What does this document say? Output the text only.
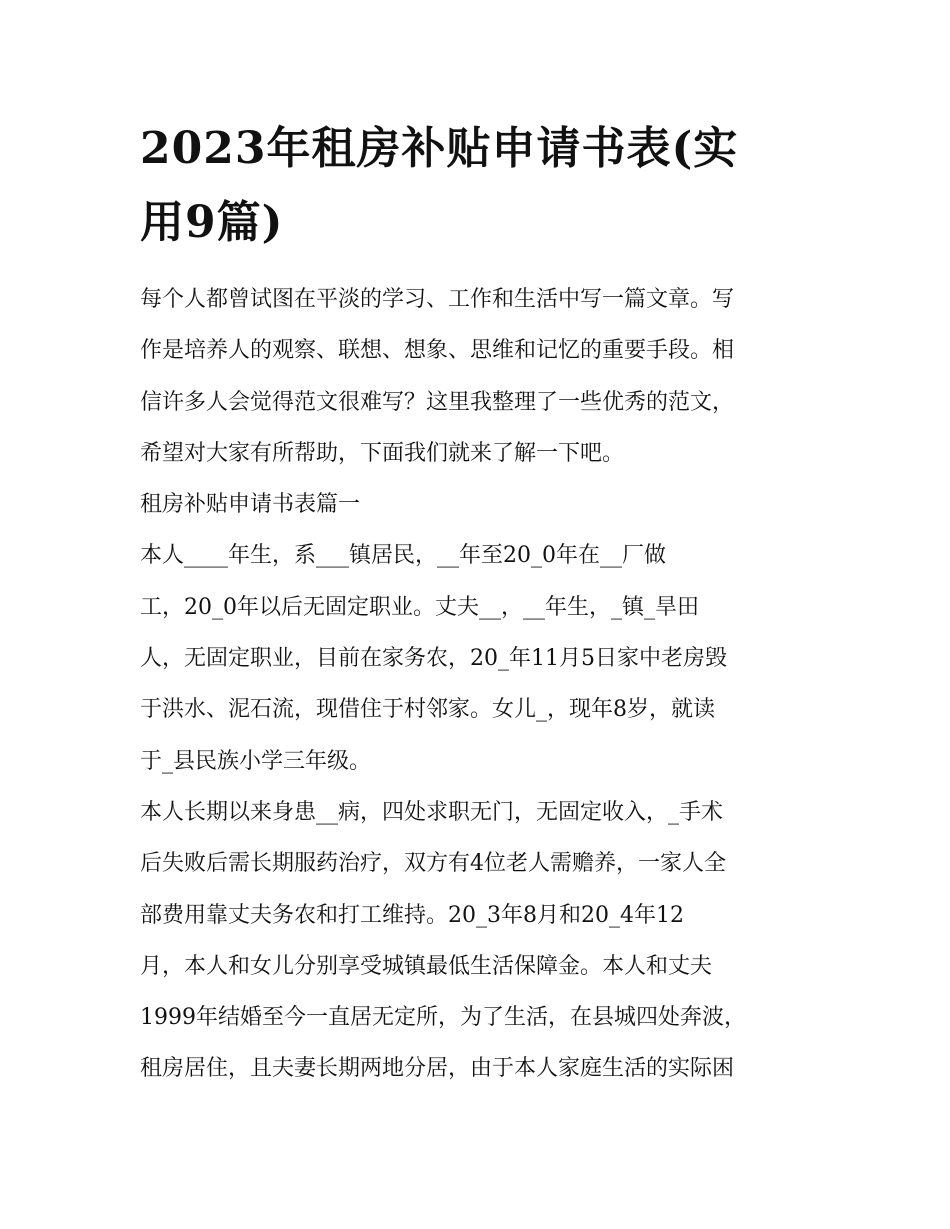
2023年租房补贴申请书表(实
用9篇)

每个人都曾试图在平淡的学习、工作和生活中写一篇文章。写
作是培养人的观察、联想、想象、思维和记忆的重要手段。相
信许多人会觉得范文很难写？这里我整理了一些优秀的范文，
希望对大家有所帮助，下面我们就来了解一下吧。

租房补贴申请书表篇一

本人____年生，系___镇居民，__年至20_0年在__厂做
工，20_0年以后无固定职业。丈夫__，__年生，_镇_旱田
人，无固定职业，目前在家务农，20_年11月5日家中老房毁
于洪水、泥石流，现借住于村邻家。女儿_，现年8岁，就读
于_县民族小学三年级。

本人长期以来身患__病，四处求职无门，无固定收入，_手术
后失败后需长期服药治疗，双方有4位老人需赡养，一家人全
部费用靠丈夫务农和打工维持。20_3年8月和20_4年12
月，本人和女儿分别享受城镇最低生活保障金。本人和丈夫
1999年结婚至今一直居无定所，为了生活，在县城四处奔波，
租房居住，且夫妻长期两地分居，由于本人家庭生活的实际困
